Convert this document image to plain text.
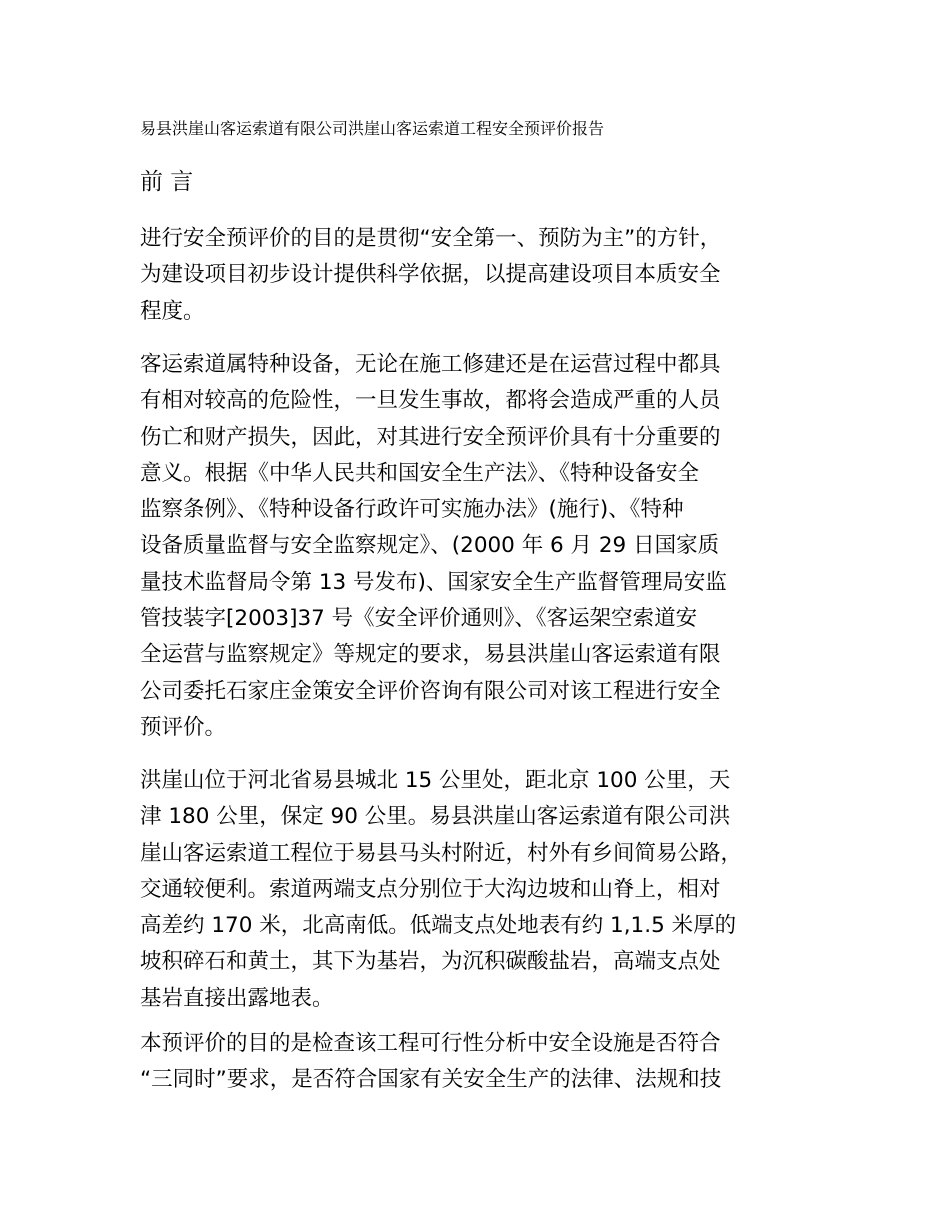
易县洪崖山客运索道有限公司洪崖山客运索道工程安全预评价报告
前 言
进行安全预评价的目的是贯彻“安全第一、预防为主”的方针，
为建设项目初步设计提供科学依据，以提高建设项目本质安全
程度。
客运索道属特种设备，无论在施工修建还是在运营过程中都具
有相对较高的危险性，一旦发生事故，都将会造成严重的人员
伤亡和财产损失，因此，对其进行安全预评价具有十分重要的
意义。根据《中华人民共和国安全生产法》、《特种设备安全
监察条例》、《特种设备行政许可实施办法》(施行)、《特种
设备质量监督与安全监察规定》、(2000 年 6 月 29 日国家质
量技术监督局令第 13 号发布)、国家安全生产监督管理局安监
管技装字[2003]37 号《安全评价通则》、《客运架空索道安
全运营与监察规定》等规定的要求，易县洪崖山客运索道有限
公司委托石家庄金策安全评价咨询有限公司对该工程进行安全
预评价。
洪崖山位于河北省易县城北 15 公里处，距北京 100 公里，天
津 180 公里，保定 90 公里。易县洪崖山客运索道有限公司洪
崖山客运索道工程位于易县马头村附近，村外有乡间简易公路，
交通较便利。索道两端支点分别位于大沟边坡和山脊上，相对
高差约 170 米，北高南低。低端支点处地表有约 1,1.5 米厚的
坡积碎石和黄土，其下为基岩，为沉积碳酸盐岩，高端支点处
基岩直接出露地表。
本预评价的目的是检查该工程可行性分析中安全设施是否符合
“三同时”要求，是否符合国家有关安全生产的法律、法规和技
